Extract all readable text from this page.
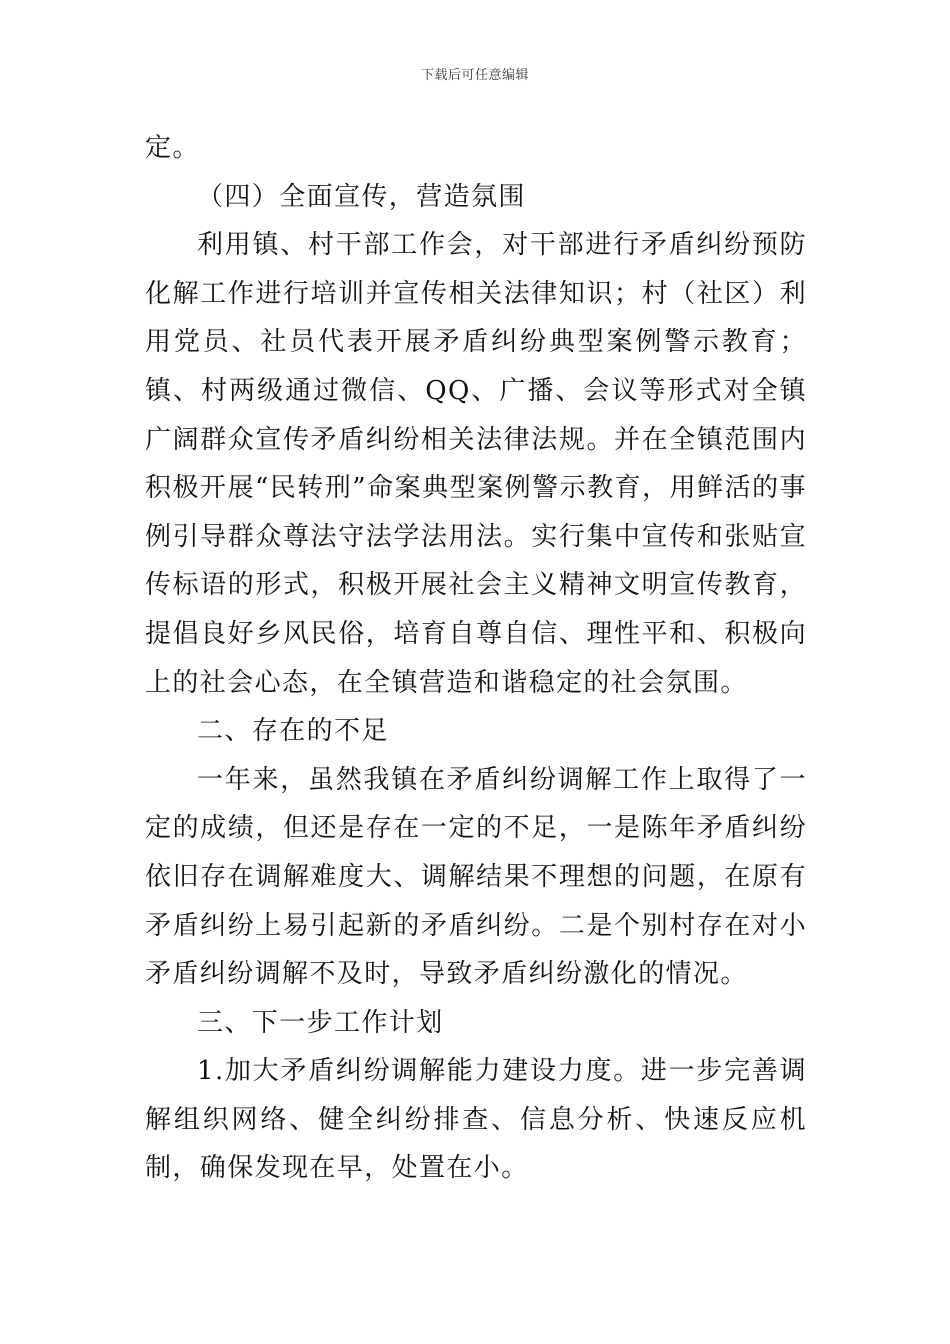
下载后可任意编辑

定。

（四）全面宣传，营造氛围

利用镇、村干部工作会，对干部进行矛盾纠纷预防化解工作进行培训并宣传相关法律知识；村（社区）利用党员、社员代表开展矛盾纠纷典型案例警示教育；镇、村两级通过微信、QQ、广播、会议等形式对全镇广阔群众宣传矛盾纠纷相关法律法规。并在全镇范围内积极开展“民转刑”命案典型案例警示教育，用鲜活的事例引导群众尊法守法学法用法。实行集中宣传和张贴宣传标语的形式，积极开展社会主义精神文明宣传教育，提倡良好乡风民俗，培育自尊自信、理性平和、积极向上的社会心态，在全镇营造和谐稳定的社会氛围。

二、存在的不足

一年来，虽然我镇在矛盾纠纷调解工作上取得了一定的成绩，但还是存在一定的不足，一是陈年矛盾纠纷依旧存在调解难度大、调解结果不理想的问题，在原有矛盾纠纷上易引起新的矛盾纠纷。二是个别村存在对小矛盾纠纷调解不及时，导致矛盾纠纷激化的情况。

三、下一步工作计划

1.加大矛盾纠纷调解能力建设力度。进一步完善调解组织网络、健全纠纷排查、信息分析、快速反应机制，确保发现在早，处置在小。
